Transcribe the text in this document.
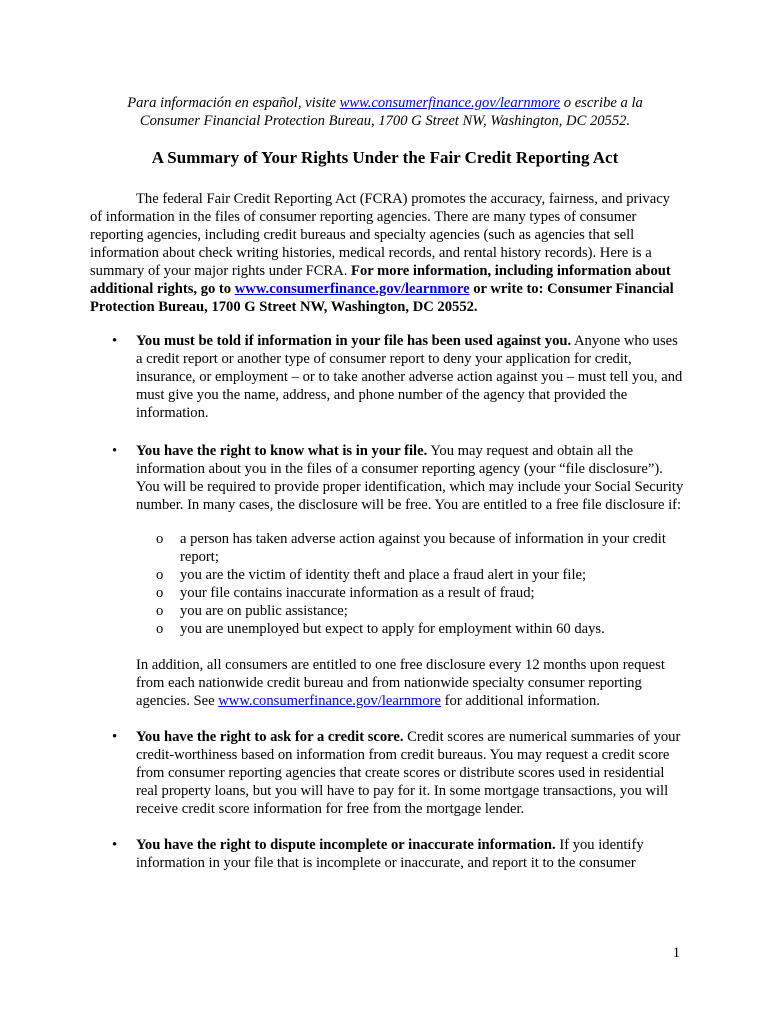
Para información en español, visite www.consumerfinance.gov/learnmore o escribe a la
Consumer Financial Protection Bureau, 1700 G Street NW, Washington, DC 20552.
A Summary of Your Rights Under the Fair Credit Reporting Act

The federal Fair Credit Reporting Act (FCRA) promotes the accuracy, fairness, and privacy of information in the files of consumer reporting agencies. There are many types of consumer reporting agencies, including credit bureaus and specialty agencies (such as agencies that sell information about check writing histories, medical records, and rental history records). Here is a summary of your major rights under FCRA. For more information, including information about additional rights, go to www.consumerfinance.gov/learnmore or write to: Consumer Financial Protection Bureau, 1700 G Street NW, Washington, DC 20552.

• You must be told if information in your file has been used against you. Anyone who uses a credit report or another type of consumer report to deny your application for credit, insurance, or employment – or to take another adverse action against you – must tell you, and must give you the name, address, and phone number of the agency that provided the information.

• You have the right to know what is in your file. You may request and obtain all the information about you in the files of a consumer reporting agency (your “file disclosure”). You will be required to provide proper identification, which may include your Social Security number. In many cases, the disclosure will be free. You are entitled to a free file disclosure if:

o a person has taken adverse action against you because of information in your credit report;
o you are the victim of identity theft and place a fraud alert in your file;
o your file contains inaccurate information as a result of fraud;
o you are on public assistance;
o you are unemployed but expect to apply for employment within 60 days.

In addition, all consumers are entitled to one free disclosure every 12 months upon request from each nationwide credit bureau and from nationwide specialty consumer reporting agencies. See www.consumerfinance.gov/learnmore for additional information.

• You have the right to ask for a credit score. Credit scores are numerical summaries of your credit-worthiness based on information from credit bureaus. You may request a credit score from consumer reporting agencies that create scores or distribute scores used in residential real property loans, but you will have to pay for it. In some mortgage transactions, you will receive credit score information for free from the mortgage lender.

• You have the right to dispute incomplete or inaccurate information. If you identify information in your file that is incomplete or inaccurate, and report it to the consumer

1
